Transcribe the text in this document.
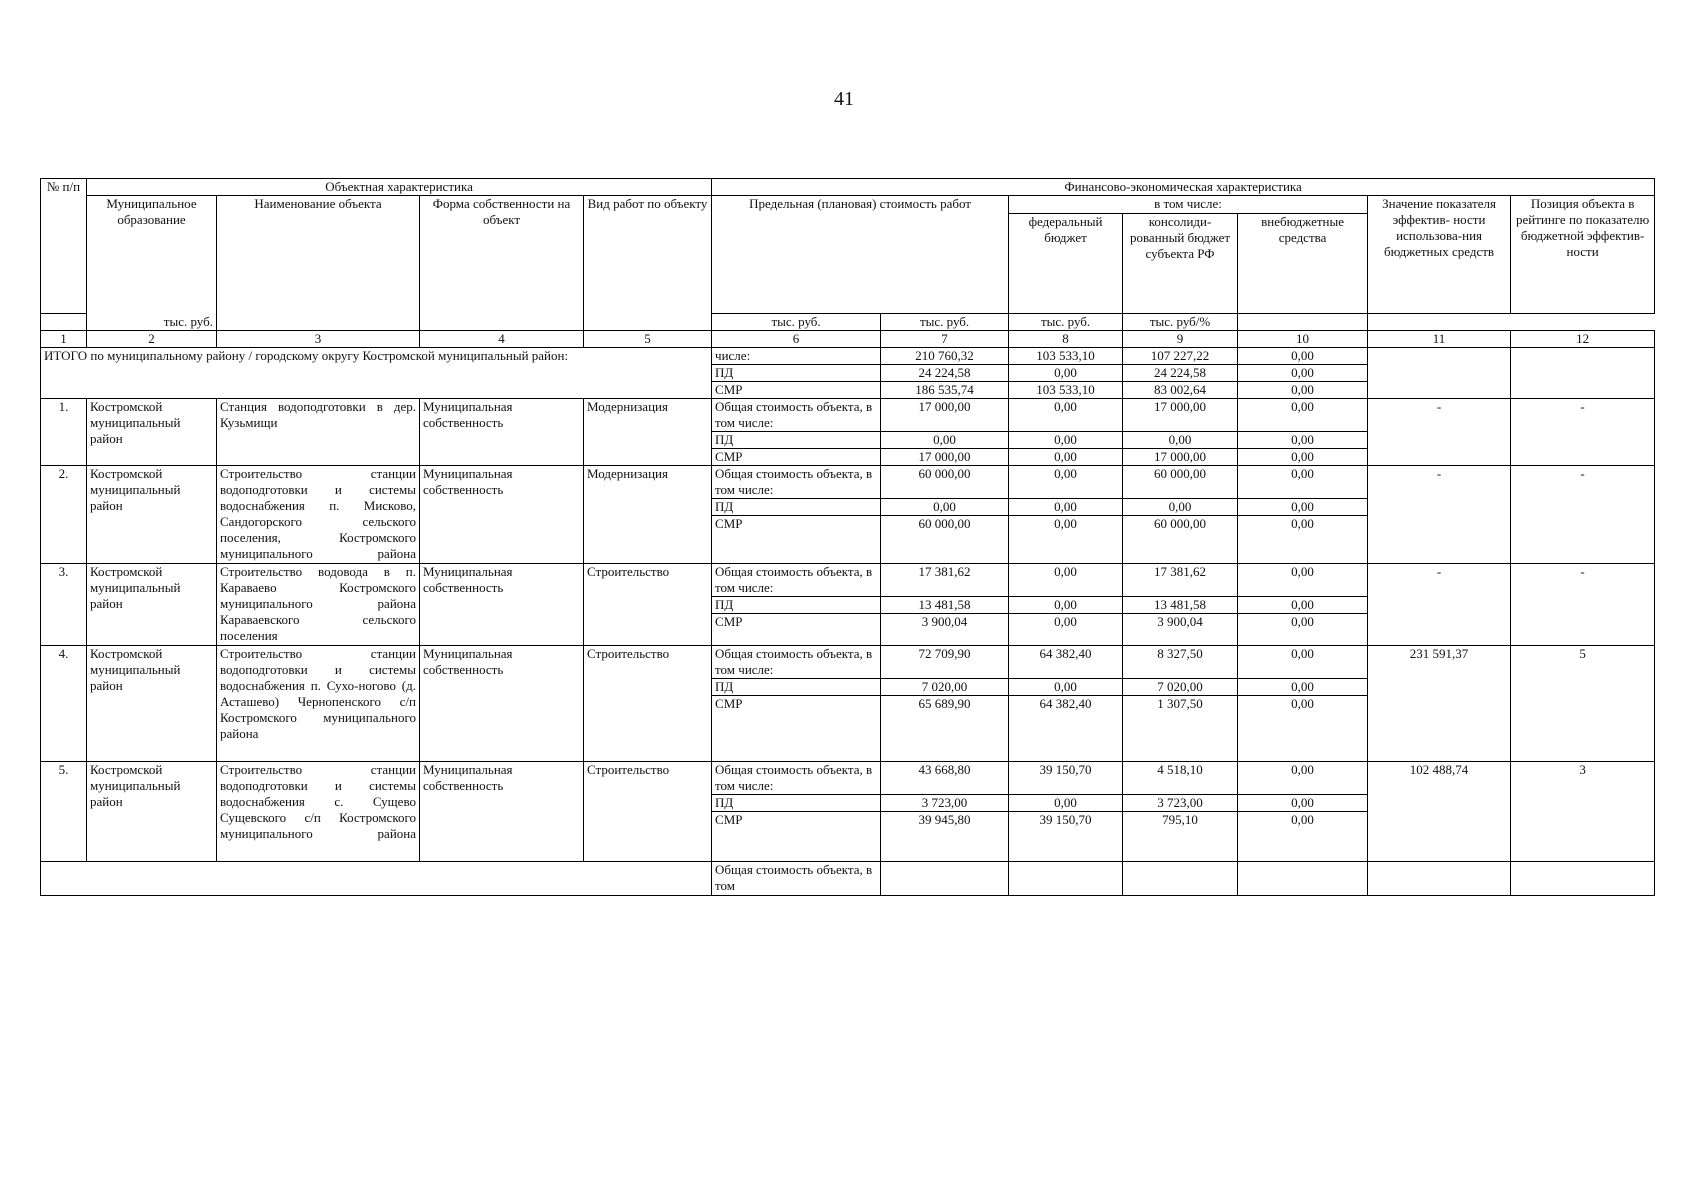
41
№ п/п	Объектная характеристика				Финансово-экономическая характеристика						
	Муниципальное образование	Наименование объекта	Форма собственности на объект	Вид работ по объекту	Предельная (плановая) стоимость работ		в том числе:			Значение показателя эффектив- ности использова-ния бюджетных средств	Позиция объекта в рейтинге по показателю бюджетной эффектив-ности
							федеральный бюджет	консолиди-рованный бюджет субъекта РФ	внебюджетные средства		
тыс. руб.					тыс. руб.	тыс. руб.	тыс. руб.	тыс. руб/%			
1	2	3	4	5	6	7	8	9	10	11	12
ИТОГО по муниципальному району / городскому округу Костромской муниципальный район:					числе:	210 760,32	103 533,10	107 227,22	0,00		
					ПД	24 224,58	0,00	24 224,58	0,00		
					СМР	186 535,74	103 533,10	83 002,64	0,00		
1.	Костромской муниципальный район	Станция водоподготовки в дер. Кузьмищи	Муниципальная собственность	Модернизация	Общая стоимость объекта, в том числе:	17 000,00	0,00	17 000,00	0,00	-	-
					ПД	0,00	0,00	0,00	0,00		
					СМР	17 000,00	0,00	17 000,00	0,00		
2.	Костромской муниципальный район	Строительство станции водоподготовки и системы водоснабжения п. Мисково, Сандогорского сельского поселения, Костромского муниципального района	Муниципальная собственность	Модернизация	Общая стоимость объекта, в том числе:	60 000,00	0,00	60 000,00	0,00	-	-
					ПД	0,00	0,00	0,00	0,00		
					СМР	60 000,00	0,00	60 000,00	0,00		
3.	Костромской муниципальный район	Строительство водовода в п. Караваево Костромского муниципального района Караваевского сельского поселения	Муниципальная собственность	Строительство	Общая стоимость объекта, в том числе:	17 381,62	0,00	17 381,62	0,00	-	-
					ПД	13 481,58	0,00	13 481,58	0,00		
					СМР	3 900,04	0,00	3 900,04	0,00		
4.	Костромской муниципальный район	Строительство станции водоподготовки и системы водоснабжения п. Сухо-ногово (д. Асташево) Чернопенского с/п Костромского муниципального района	Муниципальная собственность	Строительство	Общая стоимость объекта, в том числе:	72 709,90	64 382,40	8 327,50	0,00	231 591,37	5
					ПД	7 020,00	0,00	7 020,00	0,00		
					СМР	65 689,90	64 382,40	1 307,50	0,00		
5.	Костромской муниципальный район	Строительство станции водоподготовки и системы водоснабжения с. Сущево Сущевского с/п Костромского муниципального района	Муниципальная собственность	Строительство	Общая стоимость объекта, в том числе:	43 668,80	39 150,70	4 518,10	0,00	102 488,74	3
					ПД	3 723,00	0,00	3 723,00	0,00		
					СМР	39 945,80	39 150,70	795,10	0,00		
					Общая стоимость объекта, в том						
